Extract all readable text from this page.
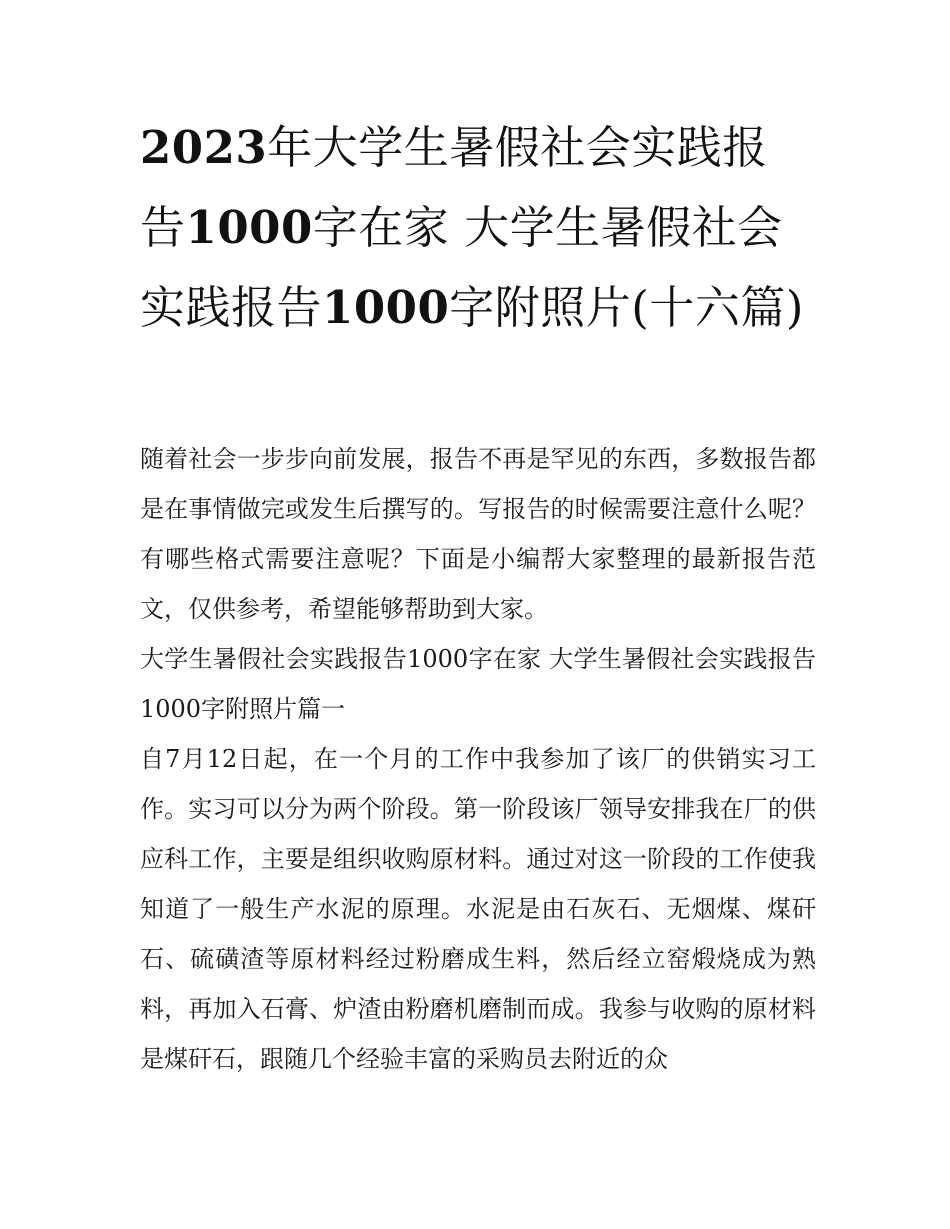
2023年大学生暑假社会实践报告1000字在家 大学生暑假社会实践报告1000字附照片(十六篇)

随着社会一步步向前发展，报告不再是罕见的东西，多数报告都是在事情做完或发生后撰写的。写报告的时候需要注意什么呢？有哪些格式需要注意呢？下面是小编帮大家整理的最新报告范文，仅供参考，希望能够帮助到大家。

大学生暑假社会实践报告1000字在家 大学生暑假社会实践报告1000字附照片篇一

自7月12日起，在一个月的工作中我参加了该厂的供销实习工作。实习可以分为两个阶段。第一阶段该厂领导安排我在厂的供应科工作，主要是组织收购原材料。通过对这一阶段的工作使我知道了一般生产水泥的原理。水泥是由石灰石、无烟煤、煤矸石、硫磺渣等原材料经过粉磨成生料，然后经立窑煅烧成为熟料，再加入石膏、炉渣由粉磨机磨制而成。我参与收购的原材料是煤矸石，跟随几个经验丰富的采购员去附近的众
